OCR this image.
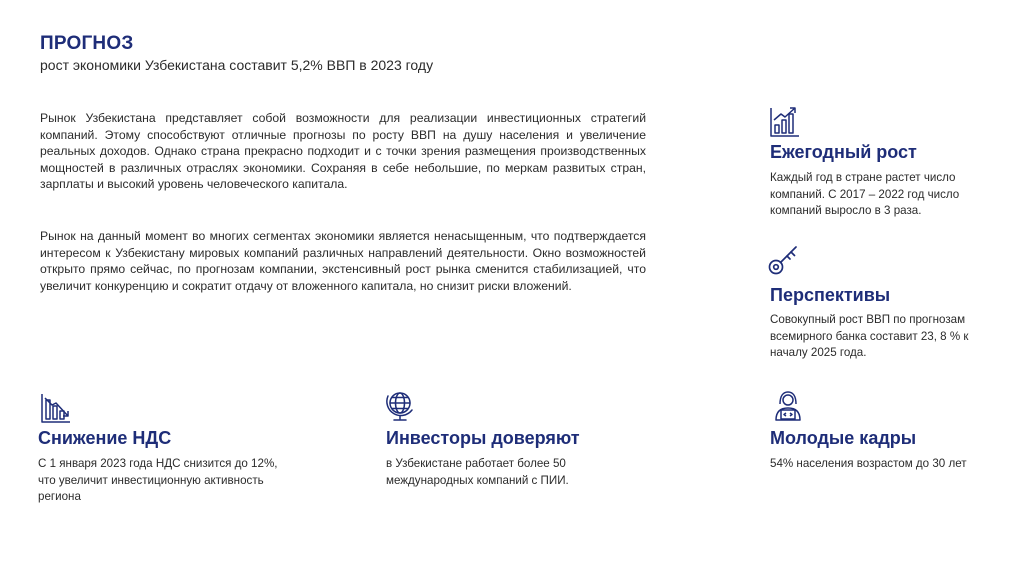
ПРОГНОЗ
рост экономики Узбекистана составит 5,2% ВВП в 2023 году
Рынок Узбекистана представляет собой возможности для реализации инвестиционных стратегий компаний. Этому способствуют отличные прогнозы по росту ВВП на душу населения и увеличение реальных доходов. Однако страна прекрасно подходит и с точки зрения размещения производственных мощностей в различных отраслях экономики. Сохраняя в себе небольшие, по меркам развитых стран, зарплаты и высокий уровень человеческого капитала.
Рынок на данный момент во многих сегментах экономики является ненасыщенным, что подтверждается интересом к Узбекистану мировых компаний различных направлений деятельности. Окно возможностей открыто прямо сейчас, по прогнозам компании, экстенсивный рост рынка сменится стабилизацией, что увеличит конкуренцию и сократит отдачу от вложенного капитала, но снизит риски вложений.
Ежегодный рост
Каждый год в стране растет число компаний. С 2017 – 2022 год число компаний выросло в 3 раза.
Перспективы
Совокупный рост ВВП по прогнозам всемирного банка составит 23, 8 % к началу 2025 года.
Снижение НДС
С 1 января 2023 года НДС снизится до 12%, что увеличит инвестиционную активность региона
Инвесторы доверяют
в Узбекистане работает более 50 международных компаний с ПИИ.
Молодые кадры
54% населения возрастом до 30 лет
